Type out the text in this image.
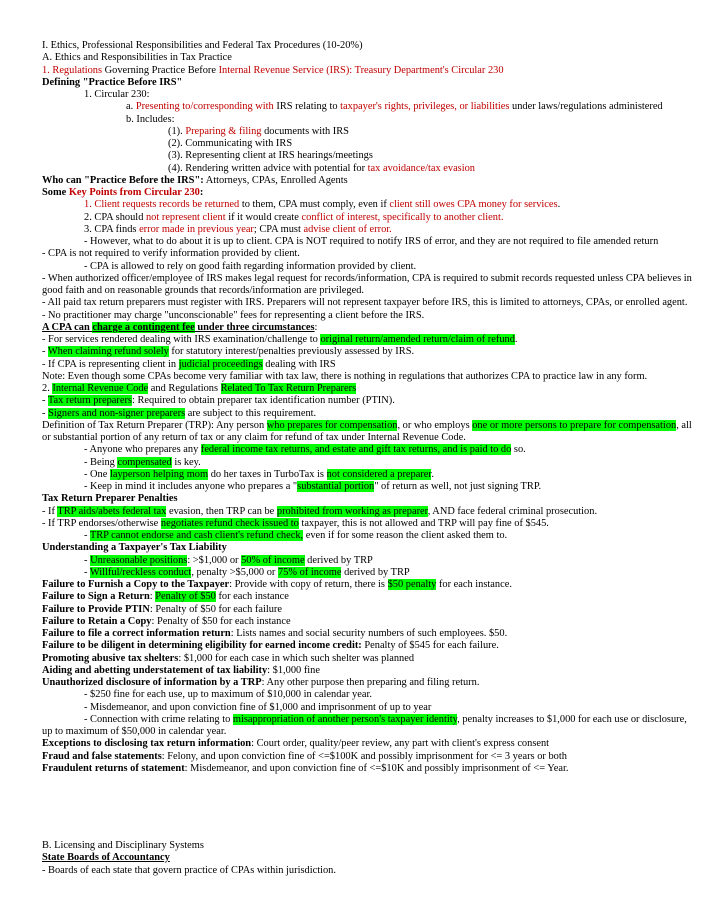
I. Ethics, Professional Responsibilities and Federal Tax Procedures (10-20%)
A. Ethics and Responsibilities in Tax Practice
1. Regulations Governing Practice Before Internal Revenue Service (IRS): Treasury Department's Circular 230
Defining "Practice Before IRS"
1. Circular 230:
a. Presenting to/corresponding with IRS relating to taxpayer's rights, privileges, or liabilities under laws/regulations administered
b. Includes:
(1). Preparing & filing documents with IRS
(2). Communicating with IRS
(3). Representing client at IRS hearings/meetings
(4). Rendering written advice with potential for tax avoidance/tax evasion
Who can "Practice Before the IRS": Attorneys, CPAs, Enrolled Agents
Some Key Points from Circular 230:
1. Client requests records be returned to them, CPA must comply, even if client still owes CPA money for services.
2. CPA should not represent client if it would create conflict of interest, specifically to another client.
3. CPA finds error made in previous year; CPA must advise client of error.
- However, what to do about it is up to client. CPA is NOT required to notify IRS of error, and they are not required to file amended return
- CPA is not required to verify information provided by client.
- CPA is allowed to rely on good faith regarding information provided by client.
- When authorized officer/employee of IRS makes legal request for records/information, CPA is required to submit records requested unless CPA believes in good faith and on reasonable grounds that records/information are privileged.
- All paid tax return preparers must register with IRS. Preparers will not represent taxpayer before IRS, this is limited to attorneys, CPAs, or enrolled agent.
- No practitioner may charge "unconscionable" fees for representing a client before the IRS.
A CPA can charge a contingent fee under three circumstances:
- For services rendered dealing with IRS examination/challenge to original return/amended return/claim of refund.
- When claiming refund solely for statutory interest/penalties previously assessed by IRS.
- If CPA is representing client in judicial proceedings dealing with IRS
Note: Even though some CPAs become very familiar with tax law, there is nothing in regulations that authorizes CPA to practice law in any form.
2. Internal Revenue Code and Regulations Related To Tax Return Preparers
- Tax return preparers: Required to obtain preparer tax identification number (PTIN).
- Signers and non-signer preparers are subject to this requirement.
Definition of Tax Return Preparer (TRP): Any person who prepares for compensation, or who employs one or more persons to prepare for compensation, all or substantial portion of any return of tax or any claim for refund of tax under Internal Revenue Code.
- Anyone who prepares any federal income tax returns, and estate and gift tax returns, and is paid to do so.
- Being compensated is key.
- One layperson helping mom do her taxes in TurboTax is not considered a preparer.
- Keep in mind it includes anyone who prepares a "substantial portion" of return as well, not just signing TRP.
Tax Return Preparer Penalties
- If TRP aids/abets federal tax evasion, then TRP can be prohibited from working as preparer, AND face federal criminal prosecution.
- If TRP endorses/otherwise negotiates refund check issued to taxpayer, this is not allowed and TRP will pay fine of $545.
- TRP cannot endorse and cash client's refund check, even if for some reason the client asked them to.
Understanding a Taxpayer's Tax Liability
- Unreasonable positions: >$1,000 or 50% of income derived by TRP
- Willful/reckless conduct, penalty >$5,000 or 75% of income derived by TRP
Failure to Furnish a Copy to the Taxpayer: Provide with copy of return, there is $50 penalty for each instance.
Failure to Sign a Return: Penalty of $50 for each instance
Failure to Provide PTIN: Penalty of $50 for each failure
Failure to Retain a Copy: Penalty of $50 for each instance
Failure to file a correct information return: Lists names and social security numbers of such employees. $50.
Failure to be diligent in determining eligibility for earned income credit: Penalty of $545 for each failure.
Promoting abusive tax shelters: $1,000 for each case in which such shelter was planned
Aiding and abetting understatement of tax liability: $1,000 fine
Unauthorized disclosure of information by a TRP: Any other purpose then preparing and filing return.
- $250 fine for each use, up to maximum of $10,000 in calendar year.
- Misdemeanor, and upon conviction fine of $1,000 and imprisonment of up to year
- Connection with crime relating to misappropriation of another person's taxpayer identity, penalty increases to $1,000 for each use or disclosure,
up to maximum of $50,000 in calendar year.
Exceptions to disclosing tax return information: Court order, quality/peer review, any part with client's express consent
Fraud and false statements: Felony, and upon conviction fine of <=$100K and possibly imprisonment for <= 3 years or both
Fraudulent returns of statement: Misdemeanor, and upon conviction fine of <=$10K and possibly imprisonment of <= Year.
B. Licensing and Disciplinary Systems
State Boards of Accountancy
- Boards of each state that govern practice of CPAs within jurisdiction.
